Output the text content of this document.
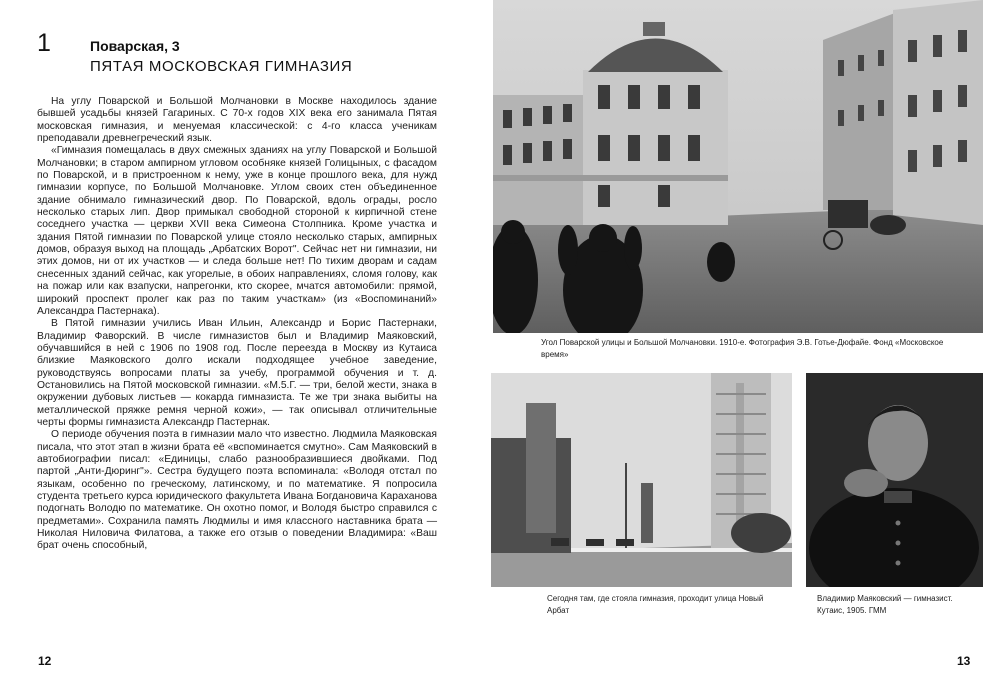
1	Поварская, 3
ПЯТАЯ МОСКОВСКАЯ ГИМНАЗИЯ

На углу Поварской и Большой Молчановки в Москве находилось здание бывшей усадьбы князей Гагариных. С 70-х годов XIX века его занимала Пятая московская гимназия, и менуемая классической: с 4-го класса ученикам преподавали древнегреческий язык.

«Гимназия помещалась в двух смежных зданиях на углу Поварской и Большой Молчановки; в старом ампирном угловом особняке князей Голицыных, с фасадом по Поварской, и в пристроенном к нему, уже в конце прошлого века, для нужд гимназии корпусе, по Большой Молчановке. Углом своих стен объединенное здание обнимало гимназический двор. По Поварской, вдоль ограды, росло несколько старых лип. Двор примыкал свободной стороной к кирпичной стене соседнего участка — церкви XVII века Симеона Столпника. Кроме участка и здания Пятой гимназии по Поварской улице стояло несколько старых, ампирных домов, образуя выход на площадь „Арбатских Ворот". Сейчас нет ни гимназии, ни этих домов, ни от их участков — и следа больше нет! По тихим дворам и садам снесенных зданий сейчас, как угорелые, в обоих направлениях, сломя голову, как на пожар или как взапуски, напрегонки, кто скорее, мчатся автомобили: прямой, широкий проспект пролег как раз по таким участкам» (из «Воспоминаний» Александра Пастернака).

В Пятой гимназии учились Иван Ильин, Александр и Борис Пастернаки, Владимир Фаворский. В числе гимназистов был и Владимир Маяковский, обучавшийся в ней с 1906 по 1908 год. После переезда в Москву из Кутаиса близкие Маяковского долго искали подходящее учебное заведение, руководствуясь вопросами платы за учебу, программой обучения и т. д. Остановились на Пятой московской гимназии. «М.5.Г. — три, белой жести, знака в окружении дубовых листьев — кокарда гимназиста. Те же три знака выбиты на металлической пряжке ремня черной кожи», — так описывал отличительные черты формы гимназиста Александр Пастернак.

О периоде обучения поэта в гимназии мало что известно. Людмила Маяковская писала, что этот этап в жизни брата её «вспоминается смутно». Сам Маяковский в автобиографии писал: «Единицы, слабо разнообразившиеся двойками. Под партой „Анти-Дюринг"». Сестра будущего поэта вспоминала: «Володя отстал по языкам, особенно по греческому, латинскому, и по математике. Я попросила студента третьего курса юридического факультета Ивана Богдановича Караханова подогнать Володю по математике. Он охотно помог, и Володя быстро справился с предметами». Сохранила память Людмилы и имя классного наставника брата — Николая Ниловича Филатова, а также его отзыв о поведении Владимира: «Ваш брат очень способный,

12
Угол Поварской улицы и Большой Молчановки. 1910-е. Фотография Э.В. Готье-Дюфайе. Фонд «Московское время»
Сегодня там, где стояла гимназия, проходит улица Новый Арбат
Владимир Маяковский — гимназист. Кутаис, 1905. ГММ
13
